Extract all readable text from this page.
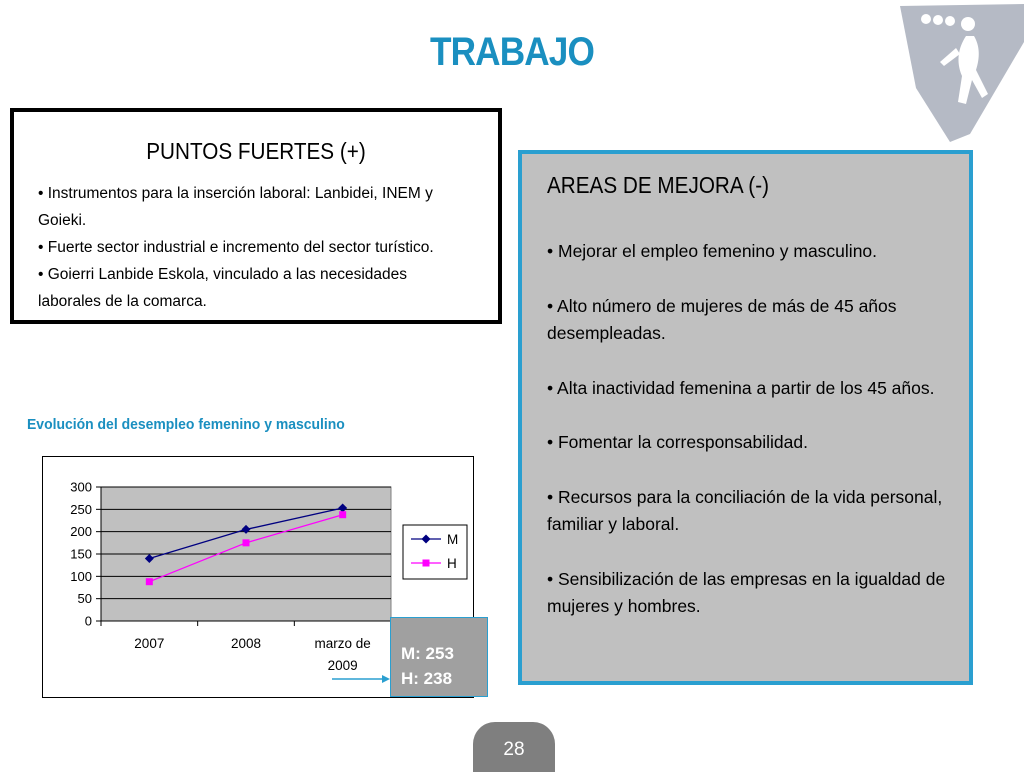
TRABAJO
PUNTOS FUERTES (+)
• Instrumentos para la inserción laboral: Lanbidei, INEM y
Goieki.
• Fuerte sector industrial e incremento del sector turístico.
• Goierri Lanbide Eskola, vinculado a las necesidades
laborales de la comarca.
AREAS DE MEJORA (-)
• Mejorar el empleo femenino y masculino.
• Alto número de mujeres de más de 45 años desempleadas.
• Alta inactividad femenina a partir de los 45 años.
• Fomentar la corresponsabilidad.
• Recursos para la conciliación de la vida personal, familiar y laboral.
• Sensibilización de las empresas en la igualdad de mujeres y hombres.
Evolución del desempleo femenino y masculino
0
50
100
150
200
250
300
2007	2008	marzo de
2009
M
H
M: 253
H: 238
28
